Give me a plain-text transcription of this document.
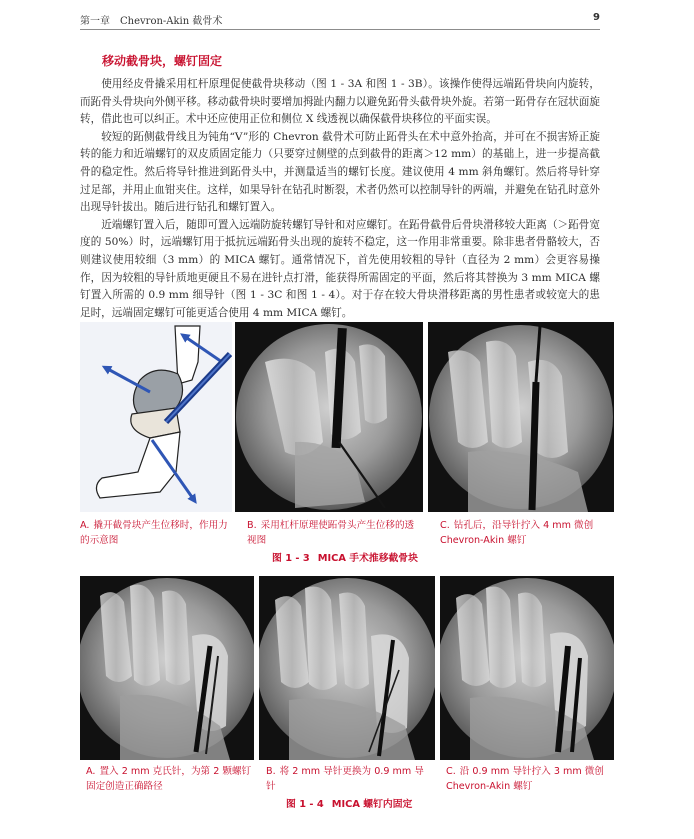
第一章　Chevron-Akin 截骨术	9
移动截骨块，螺钉固定

使用经皮骨撬采用杠杆原理促使截骨块移动（图 1 - 3A 和图 1 - 3B）。该操作使得远端跖骨块向内旋转，而跖骨头骨块向外侧平移。移动截骨块时要增加拇趾内翻力以避免跖骨头截骨块外旋。若第一跖骨存在冠状面旋转，借此也可以纠正。术中还应使用正位和侧位 X 线透视以确保截骨块移位的平面实误。

较短的跖侧截骨线且为钝角“V”形的 Chevron 截骨术可防止跖骨头在术中意外抬高，并可在不损害矫正旋转的能力和近端螺钉的双皮质固定能力（只要穿过侧壁的点到截骨的距离＞12 mm）的基础上，进一步提高截骨的稳定性。然后将导针推进到跖骨头中，并测量适当的螺钉长度。建议使用 4 mm 斜角螺钉。然后将导针穿过足部，并用止血钳夹住。这样，如果导针在钻孔时断裂，术者仍然可以控制导针的两端，并避免在钻孔时意外出现导针拔出。随后进行钻孔和螺钉置入。

近端螺钉置入后，随即可置入远端防旋转螺钉导针和对应螺钉。在跖骨截骨后骨块滑移较大距离（＞跖骨宽度的 50%）时，远端螺钉用于抵抗远端跖骨头出现的旋转不稳定，这一作用非常重要。除非患者骨骼较大，否则建议使用较细（3 mm）的 MICA 螺钉。通常情况下，首先使用较粗的导针（直径为 2 mm）会更容易操作，因为较粗的导针质地更硬且不易在进针点打滑，能获得所需固定的平面，然后将其替换为 3 mm MICA 螺钉置入所需的 0.9 mm 细导针（图 1 - 3C 和图 1 - 4）。对于存在较大骨块滑移距离的男性患者或较宽大的患足时，远端固定螺钉可能更适合使用 4 mm MICA 螺钉。

A. 撬开截骨块产生位移时，作用力的示意图
B. 采用杠杆原理使跖骨头产生位移的透视图
C. 钻孔后，沿导针拧入 4 mm 微创 Chevron-Akin 螺钉
图 1 - 3 MICA 手术推移截骨块
A. 置入 2 mm 克氏针，为第 2 颗螺钉固定创造正确路径
B. 将 2 mm 导针更换为 0.9 mm 导针
C. 沿 0.9 mm 导针拧入 3 mm 微创 Chevron-Akin 螺钉
图 1 - 4 MICA 螺钉内固定
